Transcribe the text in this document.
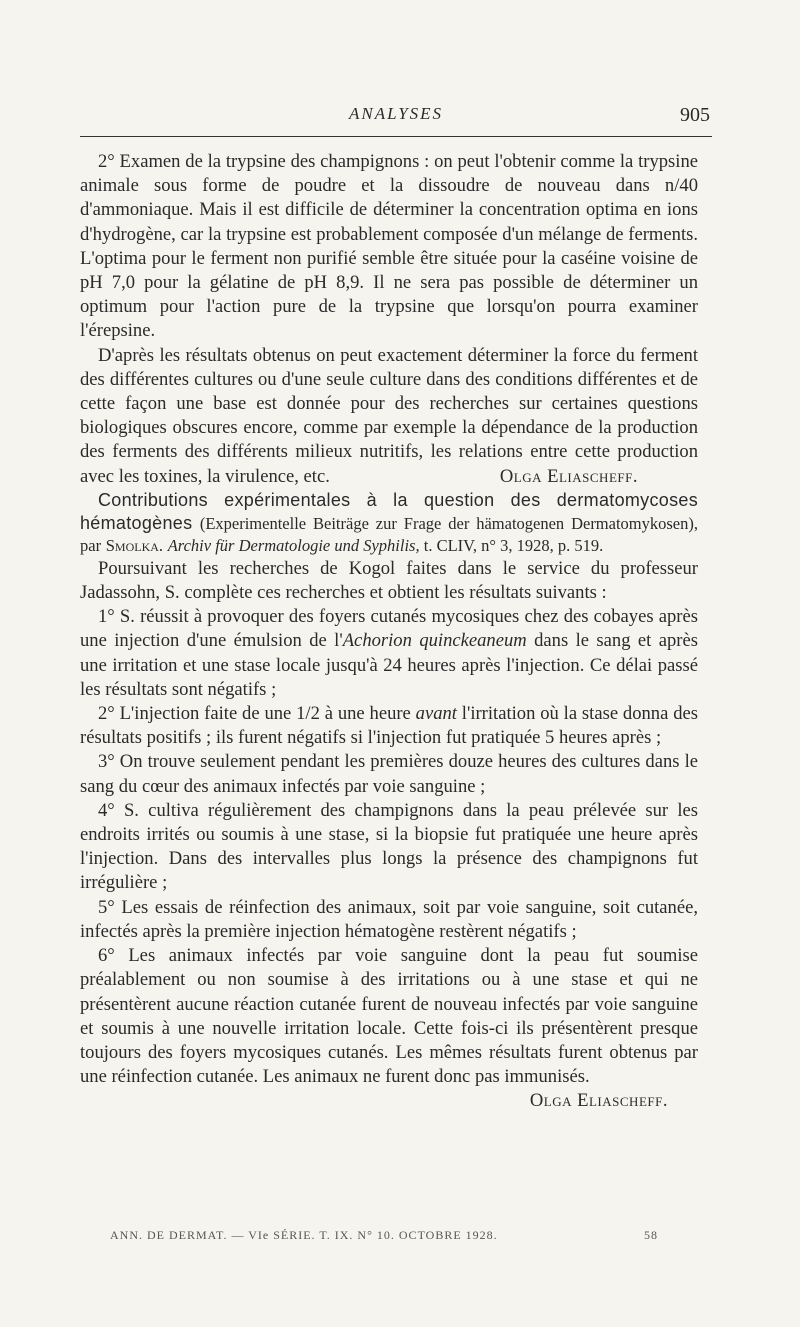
ANALYSES	905

2° Examen de la trypsine des champignons : on peut l'obtenir comme la trypsine animale sous forme de poudre et la dissoudre de nouveau dans n/40 d'ammoniaque. Mais il est difficile de déterminer la concentration optima en ions d'hydrogène, car la trypsine est probablement composée d'un mélange de ferments. L'optima pour le ferment non purifié semble être située pour la caséine voisine de pH 7,0 pour la gélatine de pH 8,9. Il ne sera pas possible de déterminer un optimum pour l'action pure de la trypsine que lorsqu'on pourra examiner l'érepsine.

D'après les résultats obtenus on peut exactement déterminer la force du ferment des différentes cultures ou d'une seule culture dans des conditions différentes et de cette façon une base est donnée pour des recherches sur certaines questions biologiques obscures encore, comme par exemple la dépendance de la production des ferments des différents milieux nutritifs, les relations entre cette production avec les toxines, la virulence, etc.	Olga Eliascheff.

Contributions expérimentales à la question des dermatomycoses hématogènes (Experimentelle Beiträge zur Frage der hämatogenen Dermatomykosen), par Smolka. Archiv für Dermatologie und Syphilis, t. CLIV, n° 3, 1928, p. 519.

Poursuivant les recherches de Kogol faites dans le service du professeur Jadassohn, S. complète ces recherches et obtient les résultats suivants :

1° S. réussit à provoquer des foyers cutanés mycosiques chez des cobayes après une injection d'une émulsion de l'Achorion quinckeaneum dans le sang et après une irritation et une stase locale jusqu'à 24 heures après l'injection. Ce délai passé les résultats sont négatifs ;

2° L'injection faite de une 1/2 à une heure avant l'irritation où la stase donna des résultats positifs ; ils furent négatifs si l'injection fut pratiquée 5 heures après ;

3° On trouve seulement pendant les premières douze heures des cultures dans le sang du cœur des animaux infectés par voie sanguine ;

4° S. cultiva régulièrement des champignons dans la peau prélevée sur les endroits irrités ou soumis à une stase, si la biopsie fut pratiquée une heure après l'injection. Dans des intervalles plus longs la présence des champignons fut irrégulière ;

5° Les essais de réinfection des animaux, soit par voie sanguine, soit cutanée, infectés après la première injection hématogène restèrent négatifs ;

6° Les animaux infectés par voie sanguine dont la peau fut soumise préalablement ou non soumise à des irritations ou à une stase et qui ne présentèrent aucune réaction cutanée furent de nouveau infectés par voie sanguine et soumis à une nouvelle irritation locale. Cette fois-ci ils présentèrent presque toujours des foyers mycosiques cutanés. Les mêmes résultats furent obtenus par une réinfection cutanée. Les animaux ne furent donc pas immunisés.
Olga Eliascheff.

ANN. DE DERMAT. — VIe SÉRIE. T. IX. N° 10. OCTOBRE 1928.	58
